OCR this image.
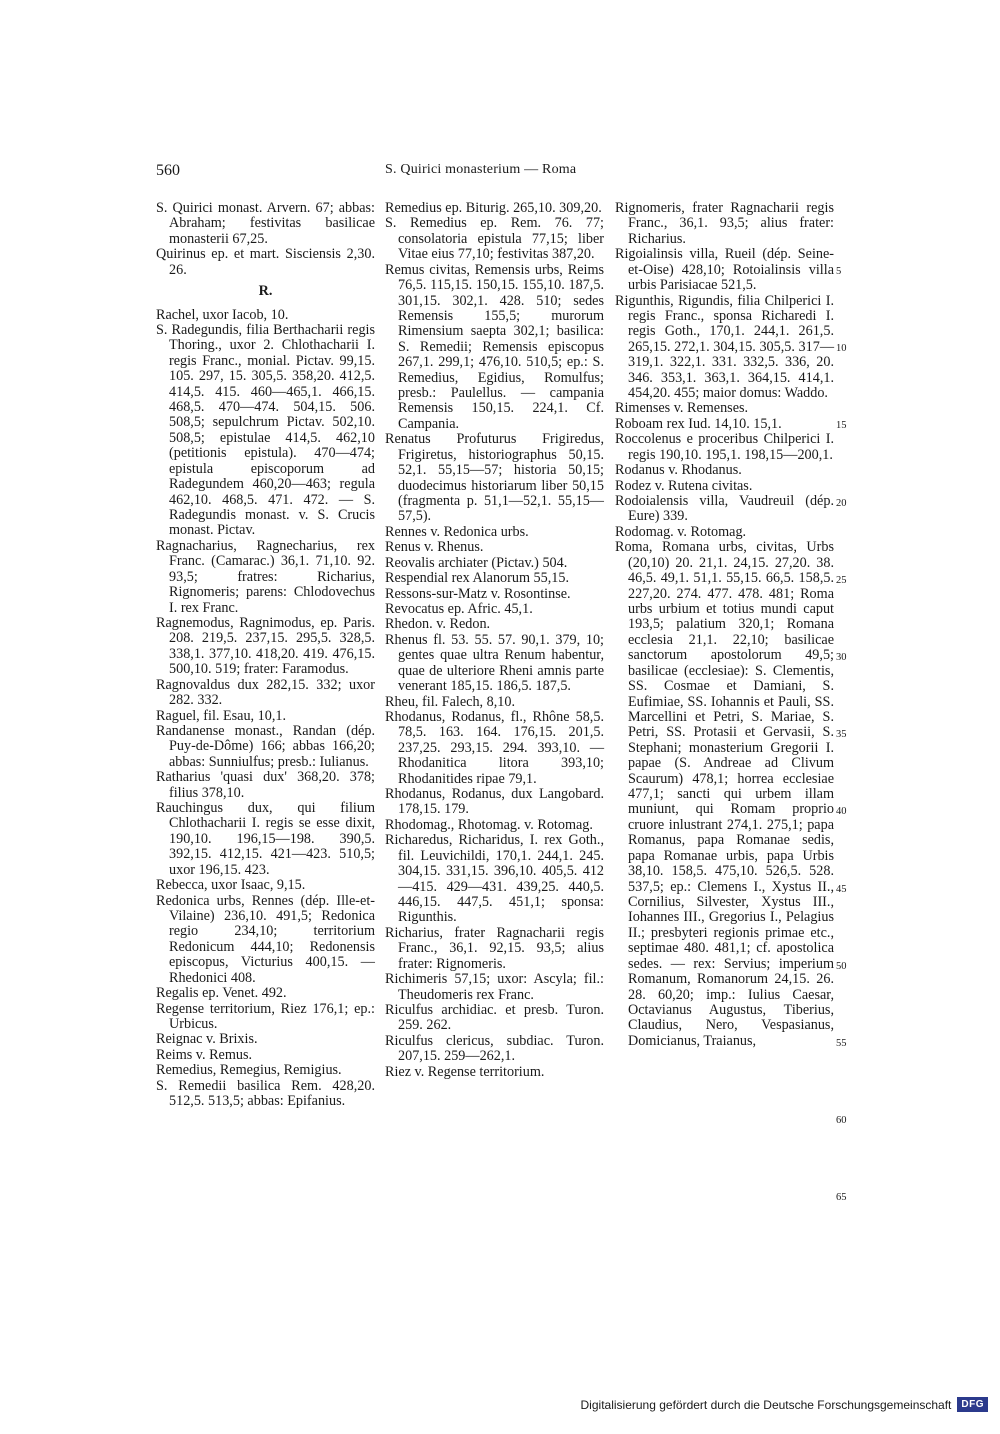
560	S. Quirici monasterium — Roma

S. Quirici monast. Arvern. 67; abbas: Abraham; festivitas basilicae monasterii 67,25.

Quirinus ep. et mart. Sisciensis 2,30. 26.

R.

Rachel, uxor Iacob, 10.

S. Radegundis, filia Berthacharii regis Thoring., uxor 2. Chlothacharii I. regis Franc., monial. Pictav. 99,15. 105. 297, 15. 305,5. 358,20. 412,5. 414,5. 415. 460—465,1. 466,15. 468,5. 470—474. 504,15. 506. 508,5; sepulchrum Pictav. 502,10. 508,5; epistulae 414,5. 462,10 (petitionis epistula). 470—474; epistula episcoporum ad Radegundem 460,20—463; regula 462,10. 468,5. 471. 472. — S. Radegundis monast. v. S. Crucis monast. Pictav.

Ragnacharius, Ragnecharius, rex Franc. (Camarac.) 36,1. 71,10. 92. 93,5; fratres: Richarius, Rignomeris; parens: Chlodovechus I. rex Franc.

Ragnemodus, Ragnimodus, ep. Paris. 208. 219,5. 237,15. 295,5. 328,5. 338,1. 377,10. 418,20. 419. 476,15. 500,10. 519; frater: Faramodus.

Ragnovaldus dux 282,15. 332; uxor 282. 332.

Raguel, fil. Esau, 10,1.

Randanense monast., Randan (dép. Puy-de-Dôme) 166; abbas 166,20; abbas: Sunniulfus; presb.: Iulianus.

Ratharius 'quasi dux' 368,20. 378; filius 378,10.

Rauchingus dux, qui filium Chlothacharii I. regis se esse dixit, 190,10. 196,15—198. 390,5. 392,15. 412,15. 421—423. 510,5; uxor 196,15. 423.

Rebecca, uxor Isaac, 9,15.

Redonica urbs, Rennes (dép. Ille-et-Vilaine) 236,10. 491,5; Redonica regio 234,10; territorium Redonicum 444,10; Redonensis episcopus, Victurius 400,15. — Rhedonici 408.

Regalis ep. Venet. 492.

Regense territorium, Riez 176,1; ep.: Urbicus.

Reignac v. Brixis.

Reims v. Remus.

Remedius, Remegius, Remigius.

S. Remedii basilica Rem. 428,20. 512,5. 513,5; abbas: Epifanius.

Remedius ep. Biturig. 265,10. 309,20.

S. Remedius ep. Rem. 76. 77; consolatoria epistula 77,15; liber Vitae eius 77,10; festivitas 387,20.

Remus civitas, Remensis urbs, Reims 76,5. 115,15. 150,15. 155,10. 187,5. 301,15. 302,1. 428. 510; sedes Remensis 155,5; murorum Rimensium saepta 302,1; basilica: S. Remedii; Remensis episcopus 267,1. 299,1; 476,10. 510,5; ep.: S. Remedius, Egidius, Romulfus; presb.: Paulellus. — campania Remensis 150,15. 224,1. Cf. Campania.

Renatus Profuturus Frigiredus, Frigiretus, historiographus 50,15. 52,1. 55,15—57; historia 50,15; duodecimus historiarum liber 50,15 (fragmenta p. 51,1—52,1. 55,15—57,5).

Rennes v. Redonica urbs.

Renus v. Rhenus.

Reovalis archiater (Pictav.) 504.

Respendial rex Alanorum 55,15.

Ressons-sur-Matz v. Rosontinse.

Revocatus ep. Afric. 45,1.

Rhedon. v. Redon.

Rhenus fl. 53. 55. 57. 90,1. 379, 10; gentes quae ultra Renum habentur, quae de ulteriore Rheni amnis parte venerant 185,15. 186,5. 187,5.

Rheu, fil. Falech, 8,10.

Rhodanus, Rodanus, fl., Rhône 58,5. 78,5. 163. 164. 176,15. 201,5. 237,25. 293,15. 294. 393,10. — Rhodanitica litora 393,10; Rhodanitides ripae 79,1.

Rhodanus, Rodanus, dux Langobard. 178,15. 179.

Rhodomag., Rhotomag. v. Rotomag.

Richaredus, Richaridus, I. rex Goth., fil. Leuvichildi, 170,1. 244,1. 245. 304,15. 331,15. 396,10. 405,5. 412—415. 429—431. 439,25. 440,5. 446,15. 447,5. 451,1; sponsa: Rigunthis.

Richarius, frater Ragnacharii regis Franc., 36,1. 92,15. 93,5; alius frater: Rignomeris.

Richimeris 57,15; uxor: Ascyla; fil.: Theudomeris rex Franc.

Riculfus archidiac. et presb. Turon. 259. 262.

Riculfus clericus, subdiac. Turon. 207,15. 259—262,1.

Riez v. Regense territorium.

Rignomeris, frater Ragnacharii regis Franc., 36,1. 93,5; alius frater: Richarius.

Rigoialinsis villa, Rueil (dép. Seine-et-Oise) 428,10; Rotoialinsis villa urbis Parisiacae 521,5.

Rigunthis, Rigundis, filia Chilperici I. regis Franc., sponsa Richaredi I. regis Goth., 170,1. 244,1. 261,5. 265,15. 272,1. 304,15. 305,5. 317—319,1. 322,1. 331. 332,5. 336, 20. 346. 353,1. 363,1. 364,15. 414,1. 454,20. 455; maior domus: Waddo.

Rimenses v. Remenses.

Roboam rex Iud. 14,10. 15,1.

Roccolenus e proceribus Chilperici I. regis 190,10. 195,1. 198,15—200,1.

Rodanus v. Rhodanus.

Rodez v. Rutena civitas.

Rodoialensis villa, Vaudreuil (dép. Eure) 339.

Rodomag. v. Rotomag.

Roma, Romana urbs, civitas, Urbs (20,10) 20. 21,1. 24,15. 27,20. 38. 46,5. 49,1. 51,1. 55,15. 66,5. 158,5. 227,20. 274. 477. 478. 481; Roma urbs urbium et totius mundi caput 193,5; palatium 320,1; Romana ecclesia 21,1. 22,10; basilicae sanctorum apostolorum 49,5; basilicae (ecclesiae): S. Clementis, SS. Cosmae et Damiani, S. Eufimiae, SS. Iohannis et Pauli, SS. Marcellini et Petri, S. Mariae, S. Petri, SS. Protasii et Gervasii, S. Stephani; monasterium Gregorii I. papae (S. Andreae ad Clivum Scaurum) 478,1; horrea ecclesiae 477,1; sancti qui urbem illam muniunt, qui Romam proprio cruore inlustrant 274,1. 275,1; papa Romanus, papa Romanae sedis, papa Romanae urbis, papa Urbis 38,10. 158,5. 475,10. 526,5. 528. 537,5; ep.: Clemens I., Xystus II., Cornilius, Silvester, Xystus III., Iohannes III., Gregorius I., Pelagius II.; presbyteri regionis primae etc., septimae 480. 481,1; cf. apostolica sedes. — rex: Servius; imperium Romanum, Romanorum 24,15. 26. 28. 60,20; imp.: Iulius Caesar, Octavianus Augustus, Tiberius, Claudius, Nero, Vespasianus, Domicianus, Traianus,

5
10
15
20
25
30
35
40
45
50
55
60
65
Digitalisierung gefördert durch die Deutsche Forschungsgemeinschaft	DFG
